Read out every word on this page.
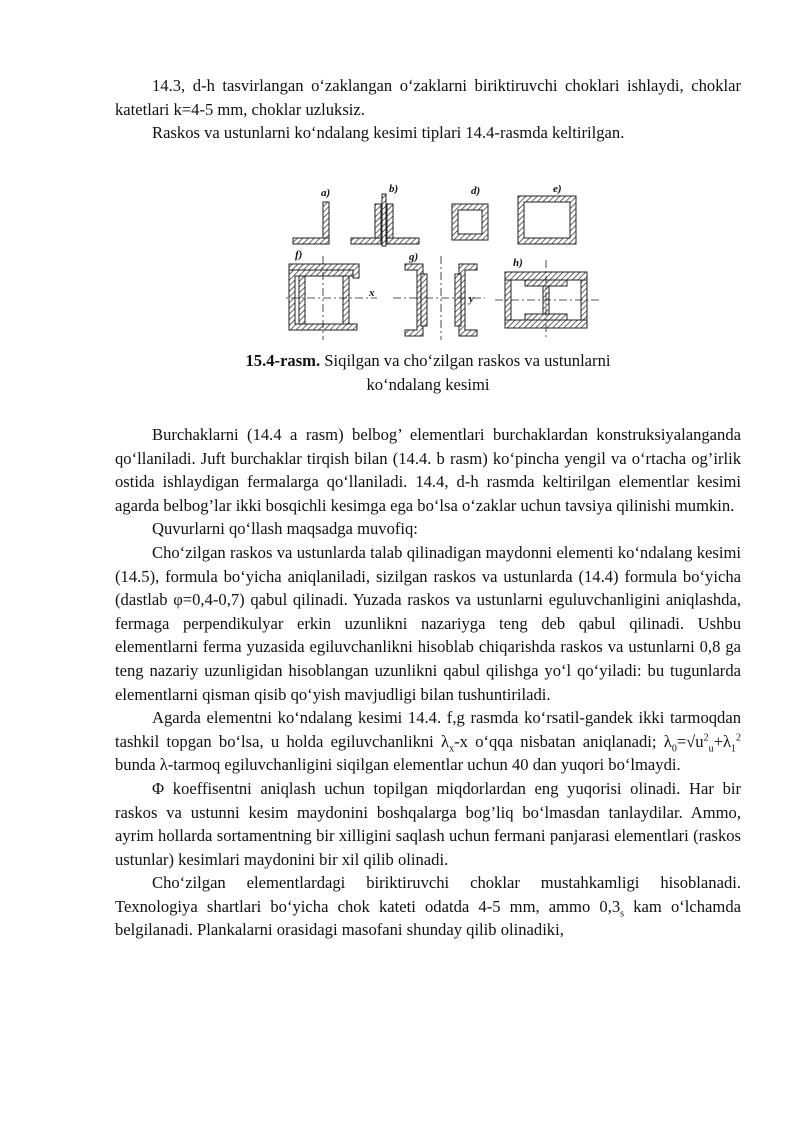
14.3, d-h tasvirlangan o‘zaklangan o‘zaklarni biriktiruvchi choklari ishlaydi, choklar katetlari k=4-5 mm, choklar uzluksiz.

Raskos va ustunlarni ko‘ndalang kesimi tiplari 14.4-rasmda keltirilgan.

a)	b)	d)	e)
f)	g)	h)
x	y
15.4-rasm. Siqilgan va cho‘zilgan raskos va ustunlarni
ko‘ndalang kesimi

Burchaklarni (14.4 a rasm) belbog’ elementlari burchaklardan konstruksiyalanganda qo‘llaniladi. Juft burchaklar tirqish bilan (14.4. b rasm) ko‘pincha yengil va o‘rtacha og’irlik ostida ishlaydigan fermalarga qo‘llaniladi. 14.4, d-h rasmda keltirilgan elementlar kesimi agarda belbog’lar ikki bosqichli kesimga ega bo‘lsa o‘zaklar uchun tavsiya qilinishi mumkin.

Quvurlarni qo‘llash maqsadga muvofiq:

Cho‘zilgan raskos va ustunlarda talab qilinadigan maydonni elementi ko‘ndalang kesimi (14.5), formula bo‘yicha aniqlaniladi, sizilgan raskos va ustunlarda (14.4) formula bo‘yicha (dastlab φ=0,4-0,7) qabul qilinadi. Yuzada raskos va ustunlarni eguluvchanligini aniqlashda, fermaga perpendikulyar erkin uzunlikni nazariyga teng deb qabul qilinadi. Ushbu elementlarni ferma yuzasida egiluvchanlikni hisoblab chiqarishda raskos va ustunlarni 0,8 ga teng nazariy uzunligidan hisoblangan uzunlikni qabul qilishga yo‘l qo‘yiladi: bu tugunlarda elementlarni qisman qisib qo‘yish mavjudligi bilan tushuntiriladi.

Agarda elementni ko‘ndalang kesimi 14.4. f,g rasmda ko‘rsatil-gandek ikki tarmoqdan tashkil topgan bo‘lsa, u holda egiluvchanlikni $\lambda_x-x$ o‘qqa nisbatan aniqlanadi; $\lambda_0=√u^2_u+\lambda_1^2$ bunda λ-tarmoq egiluvchanligini siqilgan elementlar uchun 40 dan yuqori bo‘lmaydi.

Φ koeffisentni aniqlash uchun topilgan miqdorlardan eng yuqorisi olinadi. Har bir raskos va ustunni kesim maydonini boshqalarga bog’liq bo‘lmasdan tanlaydilar. Ammo, ayrim hollarda sortamentning bir xilligini saqlash uchun fermani panjarasi elementlari (raskos ustunlar) kesimlari maydonini bir xil qilib olinadi.

Cho‘zilgan elementlardagi biriktiruvchi choklar mustahkamligi hisoblanadi. Texnologiya shartlari bo‘yicha chok kateti odatda 4-5 mm, ammo $0,3_s$ kam o‘lchamda belgilanadi. Plankalarni orasidagi masofani shunday qilib olinadiki,
